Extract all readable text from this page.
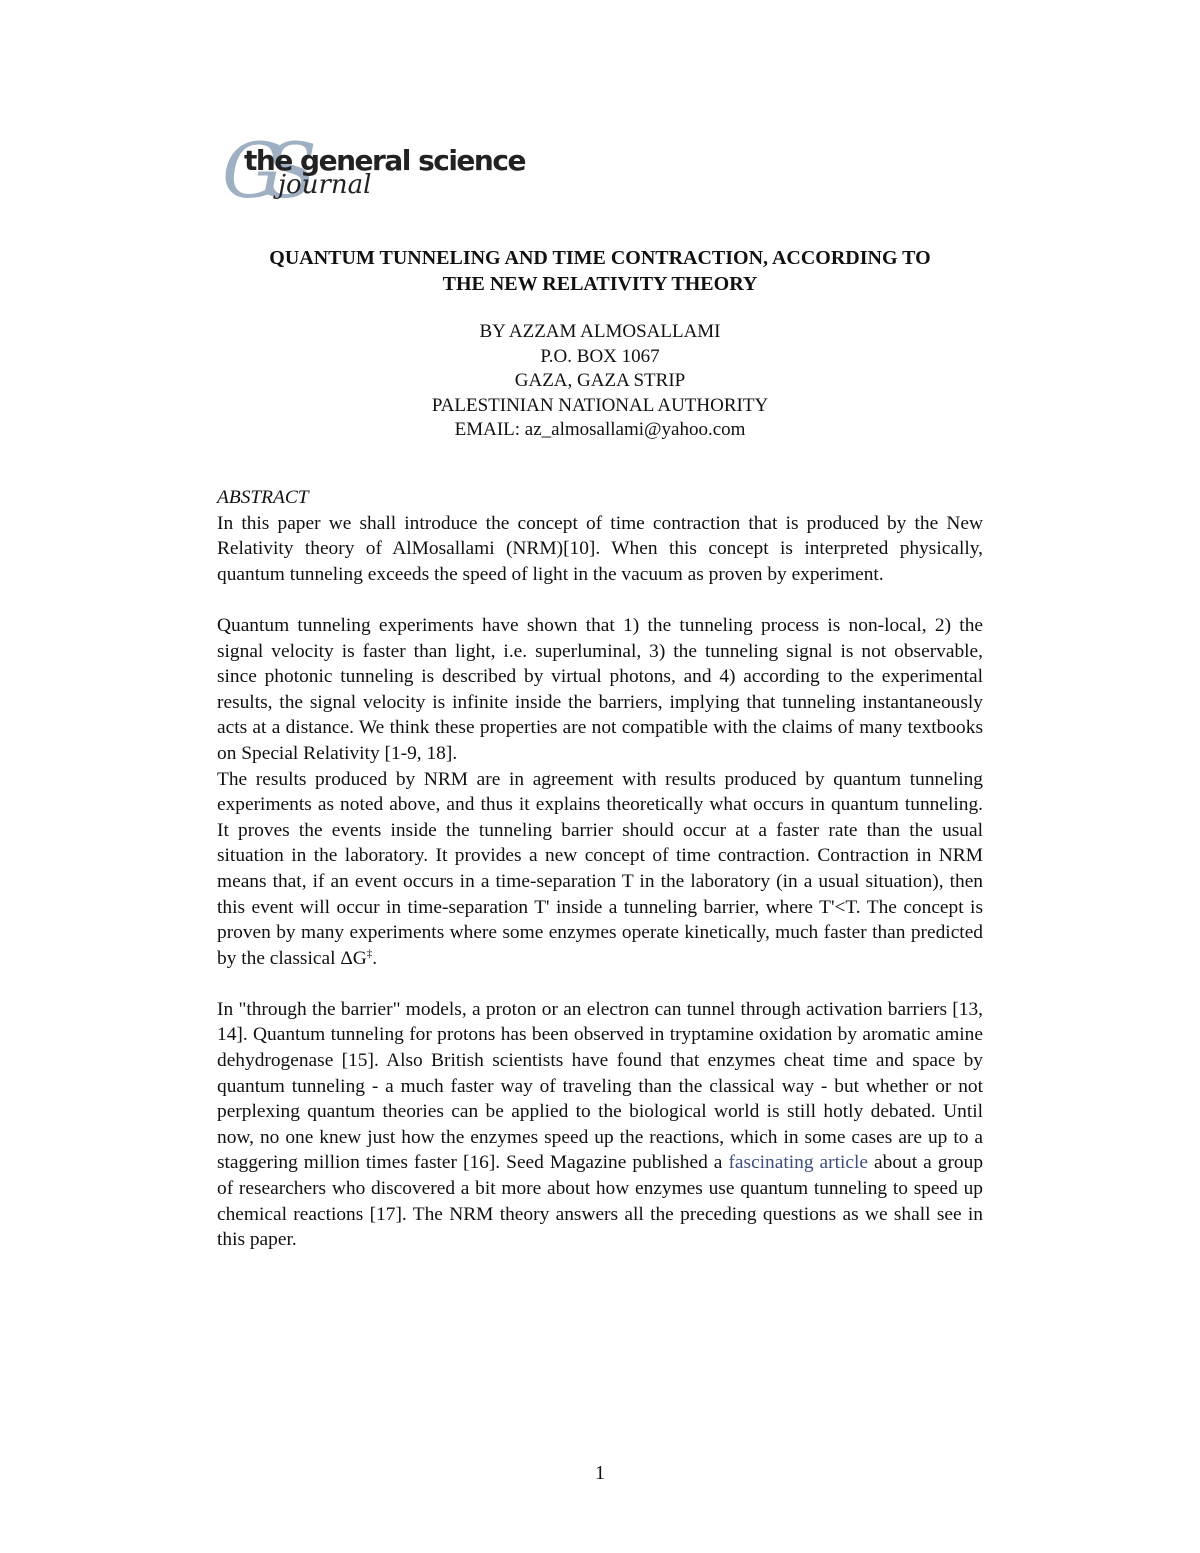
GS
the general science
journal
QUANTUM TUNNELING AND TIME CONTRACTION, ACCORDING TO
THE NEW RELATIVITY THEORY
BY AZZAM ALMOSALLAMI
P.O. BOX 1067
GAZA, GAZA STRIP
PALESTINIAN NATIONAL AUTHORITY
EMAIL: az_almosallami@yahoo.com

ABSTRACT

In this paper we shall introduce the concept of time contraction that is produced by the New Relativity theory of AlMosallami (NRM)[10]. When this concept is interpreted physically, quantum tunneling exceeds the speed of light in the vacuum as proven by experiment.

Quantum tunneling experiments have shown that 1) the tunneling process is non-local, 2) the signal velocity is faster than light, i.e. superluminal, 3) the tunneling signal is not observable, since photonic tunneling is described by virtual photons, and 4) according to the experimental results, the signal velocity is infinite inside the barriers, implying that tunneling instantaneously acts at a distance. We think these properties are not compatible with the claims of many textbooks on Special Relativity [1-9, 18].

The results produced by NRM are in agreement with results produced by quantum tunneling experiments as noted above, and thus it explains theoretically what occurs in quantum tunneling. It proves the events inside the tunneling barrier should occur at a faster rate than the usual situation in the laboratory. It provides a new concept of time contraction. Contraction in NRM means that, if an event occurs in a time-separation T in the laboratory (in a usual situation), then this event will occur in time-separation T' inside a tunneling barrier, where T'<T. The concept is proven by many experiments where some enzymes operate kinetically, much faster than predicted by the classical ΔG‡.

In "through the barrier" models, a proton or an electron can tunnel through activation barriers [13, 14]. Quantum tunneling for protons has been observed in tryptamine oxidation by aromatic amine dehydrogenase [15]. Also British scientists have found that enzymes cheat time and space by quantum tunneling - a much faster way of traveling than the classical way - but whether or not perplexing quantum theories can be applied to the biological world is still hotly debated. Until now, no one knew just how the enzymes speed up the reactions, which in some cases are up to a staggering million times faster [16]. Seed Magazine published a fascinating article about a group of researchers who discovered a bit more about how enzymes use quantum tunneling to speed up chemical reactions [17]. The NRM theory answers all the preceding questions as we shall see in this paper.

1
